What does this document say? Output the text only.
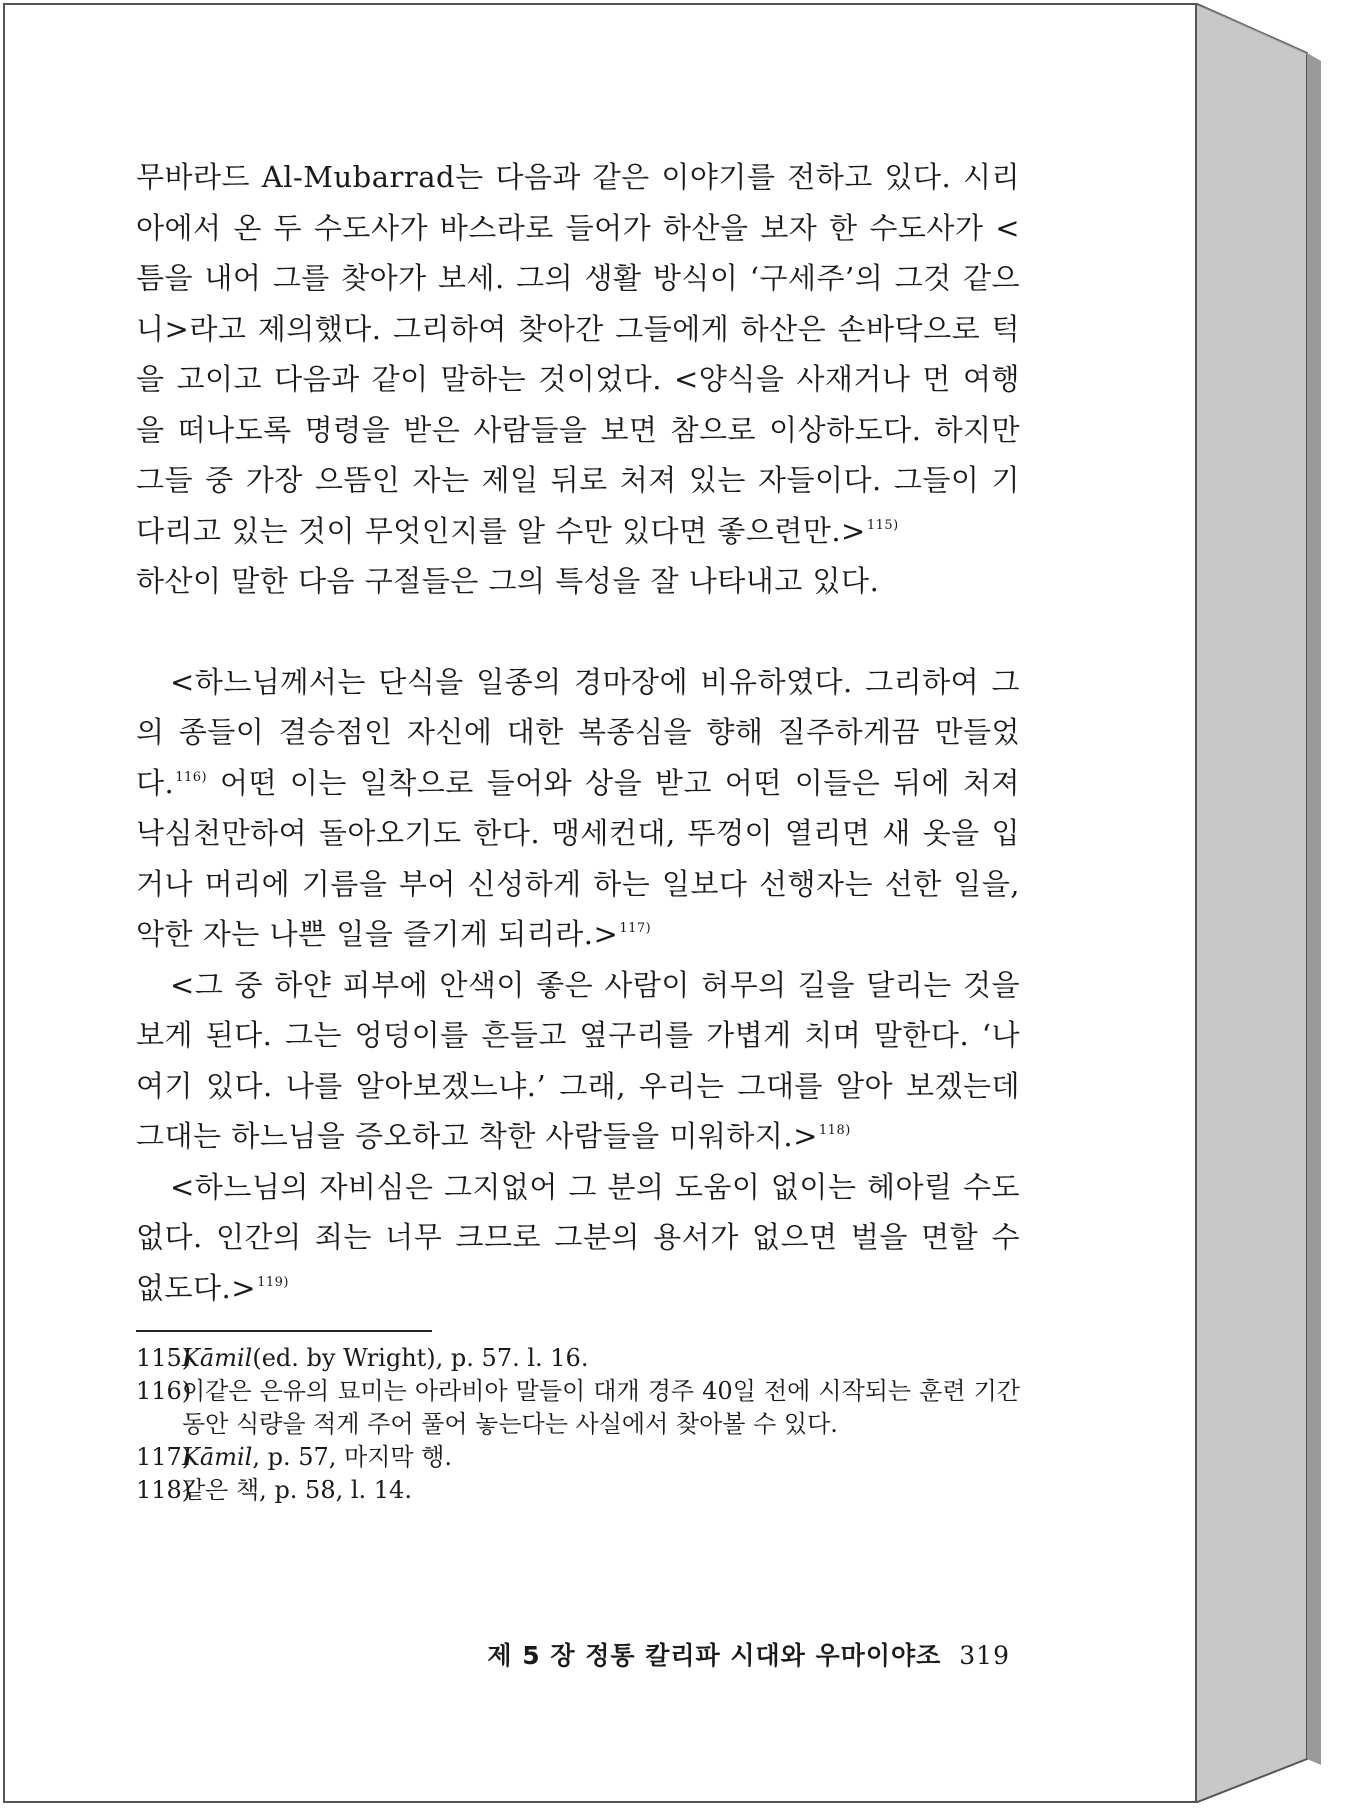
무바라드 Al-Mubarrad는 다음과 같은 이야기를 전하고 있다. 시리아에서 온 두 수도사가 바스라로 들어가 하산을 보자 한 수도사가 <틈을 내어 그를 찾아가 보세. 그의 생활 방식이 ‘구세주’의 그것 같으니>라고 제의했다. 그리하여 찾아간 그들에게 하산은 손바닥으로 턱을 고이고 다음과 같이 말하는 것이었다. <양식을 사재거나 먼 여행을 떠나도록 명령을 받은 사람들을 보면 참으로 이상하도다. 하지만 그들 중 가장 으뜸인 자는 제일 뒤로 처져 있는 자들이다. 그들이 기다리고 있는 것이 무엇인지를 알 수만 있다면 좋으련만.>$^{115)}$

하산이 말한 다음 구절들은 그의 특성을 잘 나타내고 있다.

<하느님께서는 단식을 일종의 경마장에 비유하였다. 그리하여 그의 종들이 결승점인 자신에 대한 복종심을 향해 질주하게끔 만들었다.$^{116)}$ 어떤 이는 일착으로 들어와 상을 받고 어떤 이들은 뒤에 처져 낙심천만하여 돌아오기도 한다. 맹세컨대, 뚜껑이 열리면 새 옷을 입거나 머리에 기름을 부어 신성하게 하는 일보다 선행자는 선한 일을, 악한 자는 나쁜 일을 즐기게 되리라.>$^{117)}$

<그 중 하얀 피부에 안색이 좋은 사람이 허무의 길을 달리는 것을 보게 된다. 그는 엉덩이를 흔들고 옆구리를 가볍게 치며 말한다. ‘나 여기 있다. 나를 알아보겠느냐.’ 그래, 우리는 그대를 알아 보겠는데 그대는 하느님을 증오하고 착한 사람들을 미워하지.>$^{118)}$

<하느님의 자비심은 그지없어 그 분의 도움이 없이는 헤아릴 수도 없다. 인간의 죄는 너무 크므로 그분의 용서가 없으면 벌을 면할 수 없도다.>$^{119)}$

115)
Kāmil(ed. by Wright), p. 57. l. 16.
116)
이같은 은유의 묘미는 아라비아 말들이 대개 경주 40일 전에 시작되는 훈련 기간 동안 식량을 적게 주어 풀어 놓는다는 사실에서 찾아볼 수 있다.
117)
Kāmil, p. 57, 마지막 행.
118)
같은 책, p. 58, l. 14.
제 5 장 정통 칼리파 시대와 우마이야조 319
